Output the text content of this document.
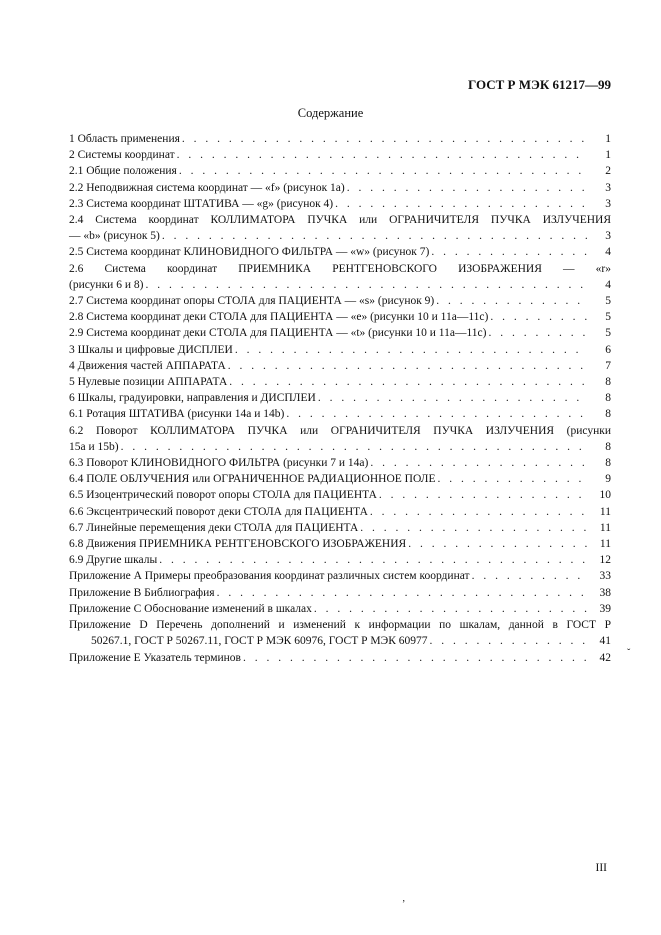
ГОСТ Р МЭК 61217—99
Содержание
1 Область применения . . .	1
2 Системы координат . . .	1
2.1 Общие положения . . .	2
2.2 Неподвижная система координат — «f» (рисунок 1а) . . .	3
2.3 Система координат ШТАТИВА — «g» (рисунок 4) . . .	3
2.4 Система координат КОЛЛИМАТОРА ПУЧКА или ОГРАНИЧИТЕЛЯ ПУЧКА ИЗЛУЧЕНИЯ
— «b» (рисунок 5) . . .	3
2.5 Система координат КЛИНОВИДНОГО ФИЛЬТРА — «w» (рисунок 7) . . .	4
2.6 Система координат ПРИЕМНИКА РЕНТГЕНОВСКОГО ИЗОБРАЖЕНИЯ — «r»
(рисунки 6 и 8) . . .	4
2.7 Система координат опоры СТОЛА для ПАЦИЕНТА — «s» (рисунок 9) . . .	5
2.8 Система координат деки СТОЛА для ПАЦИЕНТА — «е» (рисунки 10 и 11а—11с) . . .	5
2.9 Система координат деки СТОЛА для ПАЦИЕНТА — «t» (рисунки 10 и 11а—11с) . . .	5
3 Шкалы и цифровые ДИСПЛЕИ . . .	6
4 Движения частей АППАРАТА . . .	7
5 Нулевые позиции АППАРАТА . . .	8
6 Шкалы, градуировки, направления и ДИСПЛЕИ . . .	8
6.1 Ротация ШТАТИВА (рисунки 14а и 14b) . . .	8
6.2 Поворот КОЛЛИМАТОРА ПУЧКА или ОГРАНИЧИТЕЛЯ ПУЧКА ИЗЛУЧЕНИЯ (рисунки
15а и 15b) . . .	8
6.3 Поворот КЛИНОВИДНОГО ФИЛЬТРА (рисунки 7 и 14а) . . .	8
6.4 ПОЛЕ ОБЛУЧЕНИЯ или ОГРАНИЧЕННОЕ РАДИАЦИОННОЕ ПОЛЕ . . .	9
6.5 Изоцентрический поворот опоры СТОЛА для ПАЦИЕНТА . . .	10
6.6 Эксцентрический поворот деки СТОЛА для ПАЦИЕНТА . . .	11
6.7 Линейные перемещения деки СТОЛА для ПАЦИЕНТА . . .	11
6.8 Движения ПРИЕМНИКА РЕНТГЕНОВСКОГО ИЗОБРАЖЕНИЯ . . .	11
6.9 Другие шкалы . . .	12
Приложение А Примеры преобразования координат различных систем координат . . .	33
Приложение В Библиография . . .	38
Приложение С Обоснование изменений в шкалах . . .	39
Приложение D Перечень дополнений и изменений к информации по шкалам, данной в ГОСТ Р
50267.1, ГОСТ Р 50267.11, ГОСТ Р МЭК 60976, ГОСТ Р МЭК 60977 . . .	41
Приложение Е Указатель терминов . . .	42
III
ˇ
ʼ
